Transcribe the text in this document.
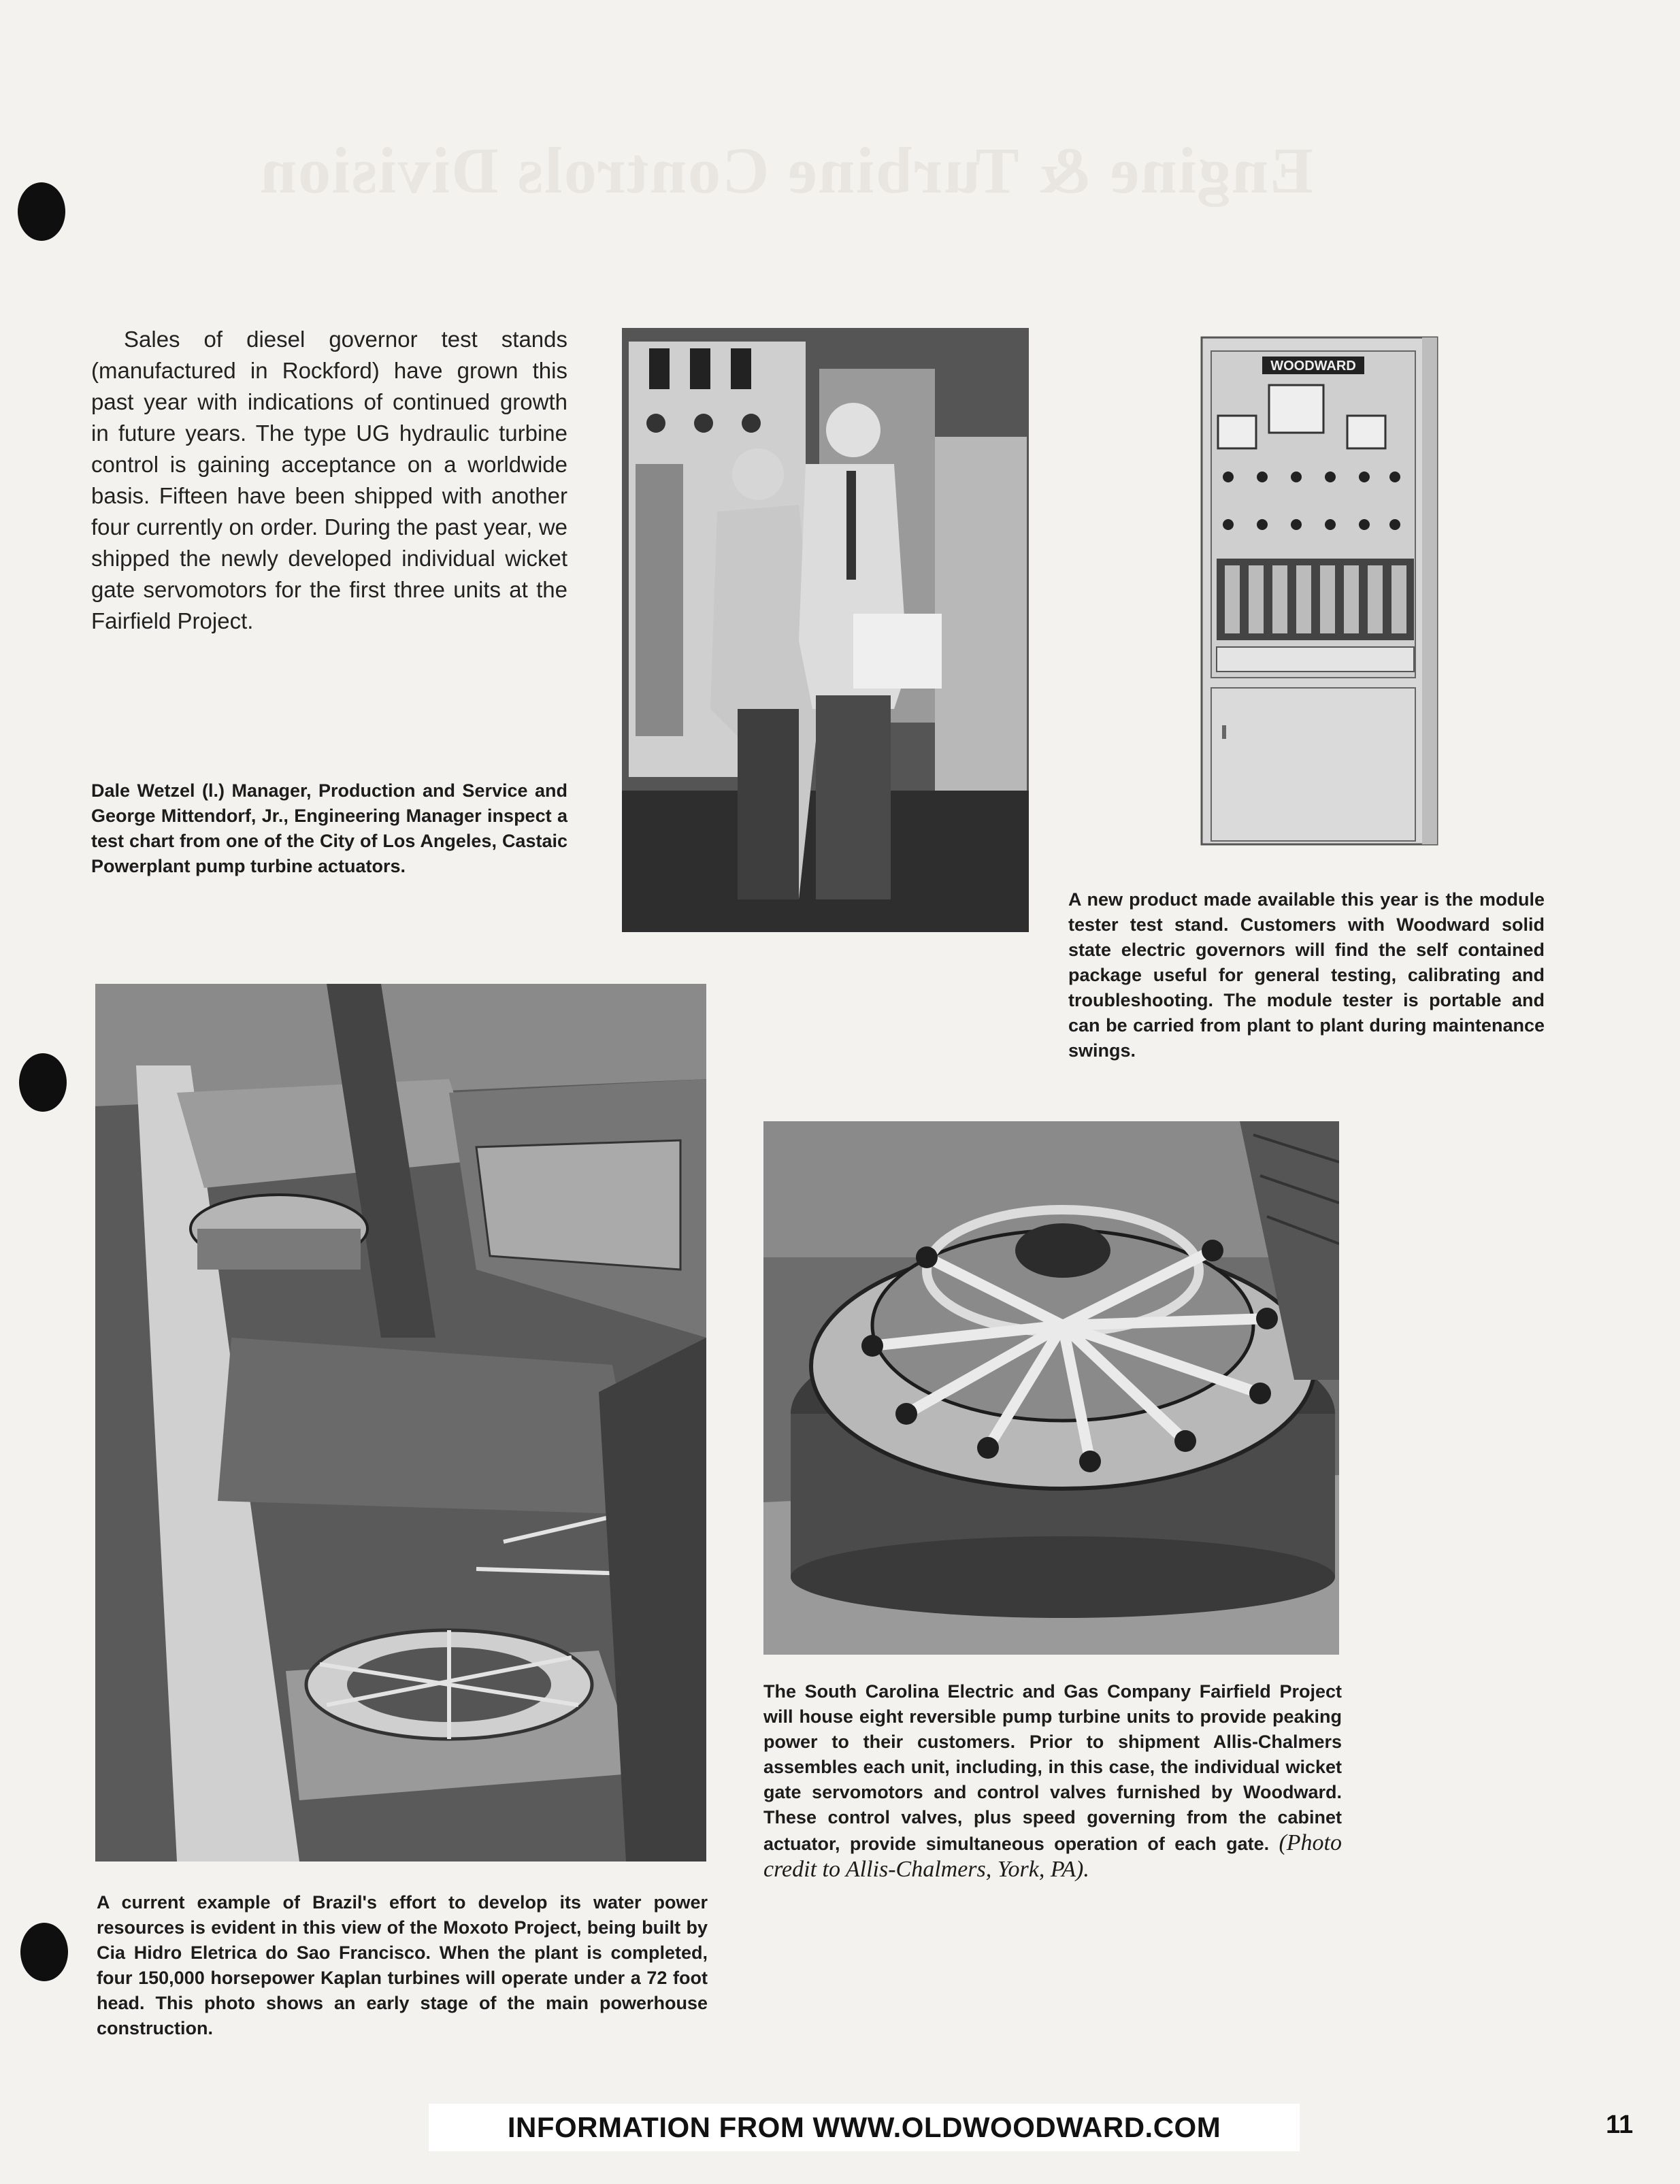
Engine & Turbine Controls Division

Sales of diesel governor test stands (manufactured in Rockford) have grown this past year with indications of continued growth in future years. The type UG hydraulic turbine control is gaining acceptance on a worldwide basis. Fifteen have been shipped with another four currently on order. During the past year, we shipped the newly developed individual wicket gate servomotors for the first three units at the Fairfield Project.

Dale Wetzel (l.) Manager, Production and Service and George Mittendorf, Jr., Engineering Manager inspect a test chart from one of the City of Los Angeles, Castaic Powerplant pump turbine actuators.

WOODWARD

A new product made available this year is the module tester test stand. Customers with Woodward solid state electric governors will find the self contained package useful for general testing, calibrating and troubleshooting. The module tester is portable and can be carried from plant to plant during maintenance swings.

A current example of Brazil's effort to develop its water power resources is evident in this view of the Moxoto Project, being built by Cia Hidro Eletrica do Sao Francisco. When the plant is completed, four 150,000 horsepower Kaplan turbines will operate under a 72 foot head. This photo shows an early stage of the main powerhouse construction.

The South Carolina Electric and Gas Company Fairfield Project will house eight reversible pump turbine units to provide peaking power to their customers. Prior to shipment Allis-Chalmers assembles each unit, including, in this case, the individual wicket gate servomotors and control valves furnished by Woodward. These control valves, plus speed governing from the cabinet actuator, provide simultaneous operation of each gate. (Photo credit to Allis-Chalmers, York, PA).

INFORMATION FROM WWW.OLDWOODWARD.COM	11
